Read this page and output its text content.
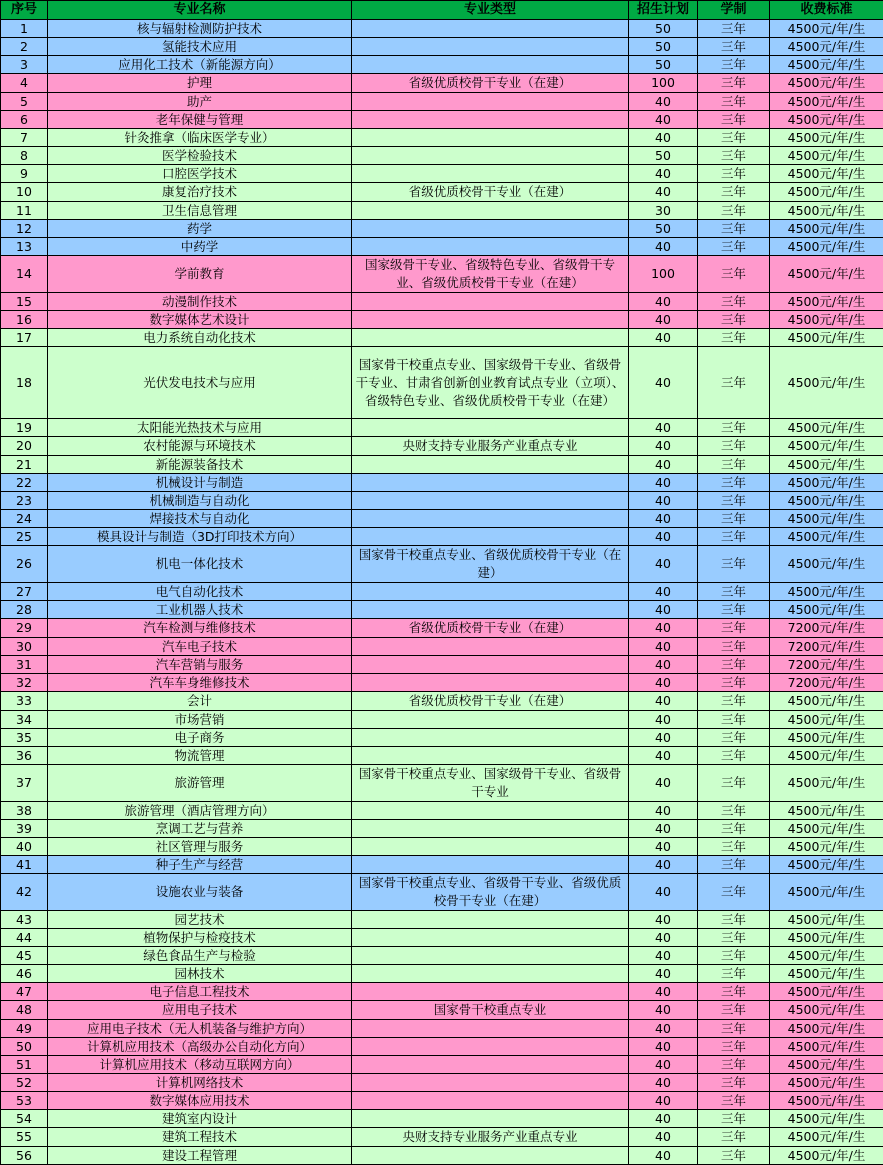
序号	专业名称	专业类型	招生计划	学制	收费标准
1	核与辐射检测防护技术		50	三年	4500元/年/生
2	氢能技术应用		50	三年	4500元/年/生
3	应用化工技术（新能源方向）		50	三年	4500元/年/生
4	护理	省级优质校骨干专业（在建）	100	三年	4500元/年/生
5	助产		40	三年	4500元/年/生
6	老年保健与管理		40	三年	4500元/年/生
7	针灸推拿（临床医学专业）		40	三年	4500元/年/生
8	医学检验技术		50	三年	4500元/年/生
9	口腔医学技术		40	三年	4500元/年/生
10	康复治疗技术	省级优质校骨干专业（在建）	40	三年	4500元/年/生
11	卫生信息管理		30	三年	4500元/年/生
12	药学		50	三年	4500元/年/生
13	中药学		40	三年	4500元/年/生
14	学前教育	国家级骨干专业、省级特色专业、省级骨干专业、省级优质校骨干专业（在建）	100	三年	4500元/年/生
15	动漫制作技术		40	三年	4500元/年/生
16	数字媒体艺术设计		40	三年	4500元/年/生
17	电力系统自动化技术		40	三年	4500元/年/生
18	光伏发电技术与应用	国家骨干校重点专业、国家级骨干专业、省级骨干专业、甘肃省创新创业教育试点专业（立项）、省级特色专业、省级优质校骨干专业（在建）	40	三年	4500元/年/生
19	太阳能光热技术与应用		40	三年	4500元/年/生
20	农村能源与环境技术	央财支持专业服务产业重点专业	40	三年	4500元/年/生
21	新能源装备技术		40	三年	4500元/年/生
22	机械设计与制造		40	三年	4500元/年/生
23	机械制造与自动化		40	三年	4500元/年/生
24	焊接技术与自动化		40	三年	4500元/年/生
25	模具设计与制造（3D打印技术方向）		40	三年	4500元/年/生
26	机电一体化技术	国家骨干校重点专业、省级优质校骨干专业（在建）	40	三年	4500元/年/生
27	电气自动化技术		40	三年	4500元/年/生
28	工业机器人技术		40	三年	4500元/年/生
29	汽车检测与维修技术	省级优质校骨干专业（在建）	40	三年	7200元/年/生
30	汽车电子技术		40	三年	7200元/年/生
31	汽车营销与服务		40	三年	7200元/年/生
32	汽车车身维修技术		40	三年	7200元/年/生
33	会计	省级优质校骨干专业（在建）	40	三年	4500元/年/生
34	市场营销		40	三年	4500元/年/生
35	电子商务		40	三年	4500元/年/生
36	物流管理		40	三年	4500元/年/生
37	旅游管理	国家骨干校重点专业、国家级骨干专业、省级骨干专业	40	三年	4500元/年/生
38	旅游管理（酒店管理方向）		40	三年	4500元/年/生
39	烹调工艺与营养		40	三年	4500元/年/生
40	社区管理与服务		40	三年	4500元/年/生
41	种子生产与经营		40	三年	4500元/年/生
42	设施农业与装备	国家骨干校重点专业、省级骨干专业、省级优质校骨干专业（在建）	40	三年	4500元/年/生
43	园艺技术		40	三年	4500元/年/生
44	植物保护与检疫技术		40	三年	4500元/年/生
45	绿色食品生产与检验		40	三年	4500元/年/生
46	园林技术		40	三年	4500元/年/生
47	电子信息工程技术		40	三年	4500元/年/生
48	应用电子技术	国家骨干校重点专业	40	三年	4500元/年/生
49	应用电子技术（无人机装备与维护方向）		40	三年	4500元/年/生
50	计算机应用技术（高级办公自动化方向）		40	三年	4500元/年/生
51	计算机应用技术（移动互联网方向）		40	三年	4500元/年/生
52	计算机网络技术		40	三年	4500元/年/生
53	数字媒体应用技术		40	三年	4500元/年/生
54	建筑室内设计		40	三年	4500元/年/生
55	建筑工程技术	央财支持专业服务产业重点专业	40	三年	4500元/年/生
56	建设工程管理		40	三年	4500元/年/生
